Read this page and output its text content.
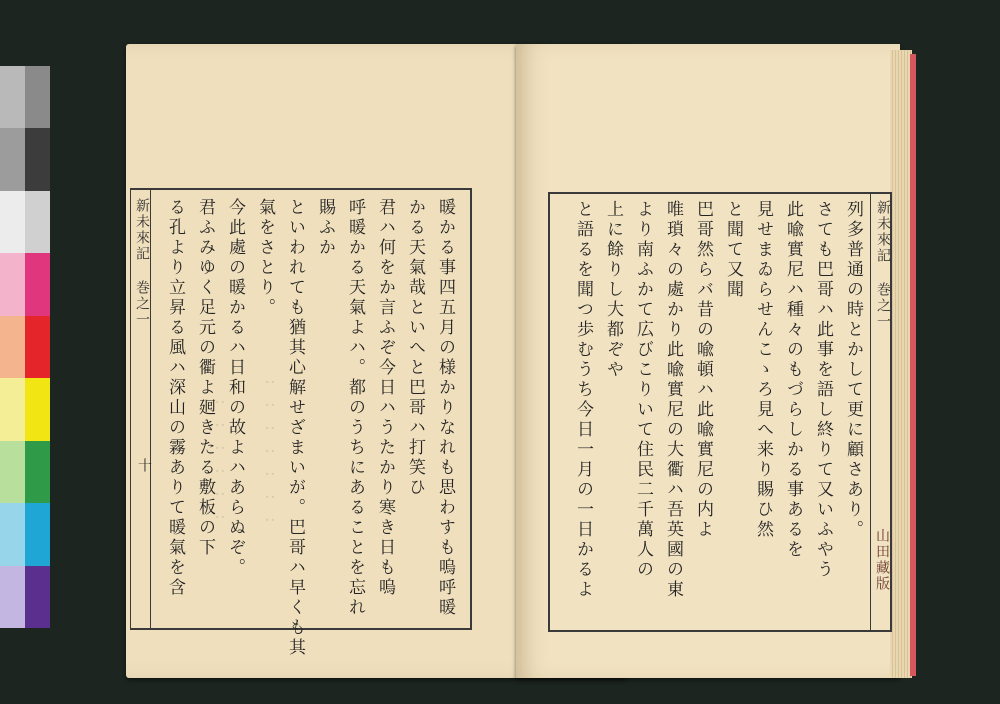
‥‥‥‥‥‥‥
‥‥‥‥‥‥
新未來記 巻之一
十
新未來記 巻之一
山田藏版
暖かる事四五月の様かりなれも思わすも嗚呼暖
かる天氣哉といへと巴哥ハ打笑ひ
君ハ何をか言ふぞ今日ハうたかり寒き日も嗚
呼暖かる天氣よハ。都のうちにあることを忘れ
賜ふか
といわれても猶其心解せざまいが。巴哥ハ早くも其
氣をさとり。
今此處の暖かるハ日和の故よハあらぬぞ。
君ふみゆく足元の衢よ𢌞きたる敷板の下
る孔より立昇る風ハ深山の霧ありて暖氣を含	列多普通の時とかして更に顧さあり。
さても巴哥ハ此事を語し終りて又いふやう
此喩實尼ハ種々のもづらしかる事あるを
見せまゐらせんこゝろ見へ来り賜ひ然
と聞て又聞
巴哥然らバ昔の喩頓ハ此喩實尼の内よ
唯瑣々の處かり此喩實尼の大衢ハ吾英國の東
より南ふかて広びこりいて住民二千萬人の
上に餘りし大都ぞや
と語るを聞つ歩むうち今日一月の一日かるよ
